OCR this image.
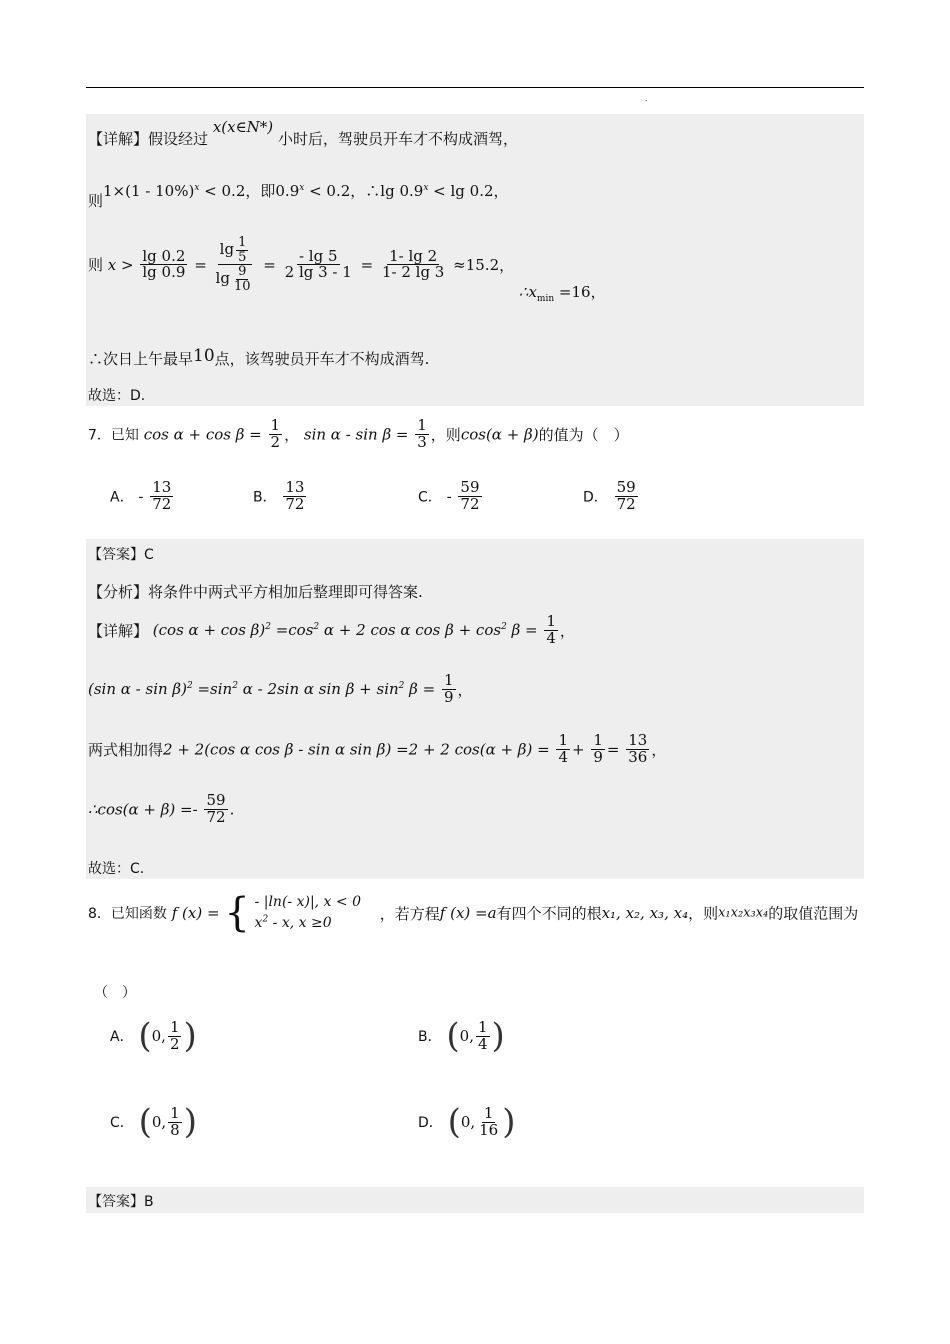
.
【详解】假设经过 x(x∈N*) 小时后，驾驶员开车才不构成酒驾，
则1×(1 - 10%)$^x$ < 0.2，即$0.9^x < 0.2$，∴lg $0.9^x < \lg 0.2$，
则 $x > \frac{\lg 0.2}{\lg 0.9} = \frac{\lg \frac{1}{5}}{\lg \frac{9}{10}} = \frac{- \lg 5}{2 \lg 3 - 1} = \frac{1- \lg 2}{1- 2 \lg 3} \approx 15.2$， $\therefore x_{min} =16$，
∴次日上午最早10点，该驾驶员开车才不构成酒驾.
故选：D.
7．已知 $\cos \alpha + \cos \beta = \frac{1}{2}$ ， $\sin \alpha - \sin \beta = \frac{1}{3}$ ，则cos(α + β)的值为（　）
A． - $\frac{13}{72}$	B． $\frac{13}{72}$	C． - $\frac{59}{72}$	D． $\frac{59}{72}$
【答案】C
【分析】将条件中两式平方相加后整理即可得答案.
【详解】 (cos $\alpha + \cos \beta)^2 =\cos^2$ α + 2 cos α $\cos \beta + \cos^2 \beta = \frac{1}{4}$ ，
(sin $\alpha - \sin \beta)^2 =\sin^2$ α - 2sin α $\sin \beta + \sin^2 \beta = \frac{1}{9}$ ，
两式相加得2 + 2(cos α cos β - sin α sin β) =2 + 2 $\cos(\alpha + \beta) = \frac{1}{4} + \frac{1}{9} = \frac{13}{36}$ ，
∴cos(α + $\beta) =- \frac{59}{72}$ .
故选：C.
8．已知函数 f (x) = { - |ln(- x)|, x < 0
$x^2$ - x, x ≥0
，若方程f (x) =a有四个不同的根x₁, x₂, x₃, x₄，则x₁x₂x₃x₄的取值范围为
（　）
A． (0, $\frac{1}{2}$ )	B． (0, $\frac{1}{4}$ )
C． (0, $\frac{1}{8}$ )	D． (0, $\frac{1}{16}$ )
【答案】B
